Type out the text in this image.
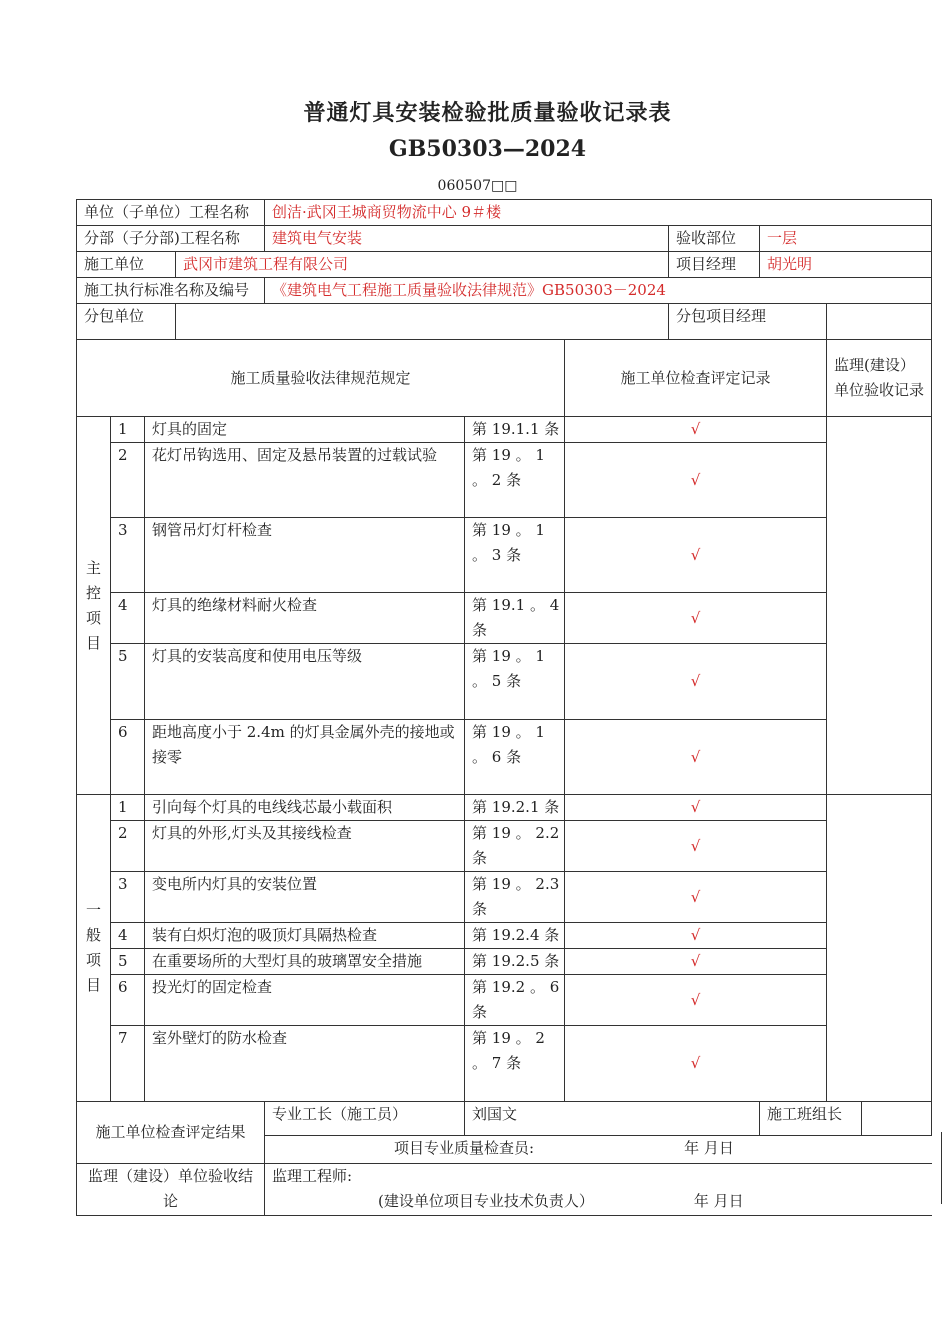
普通灯具安装检验批质量验收记录表
GB50303—2024
060507□□
单位（子单位）工程名称				创洁·武冈王城商贸物流中心 9＃楼						
分部（子分部)工程名称				建筑电气安装			验收部位	一层		
施工单位			武冈市建筑工程有限公司				项目经理	胡光明		
施工执行标准名称及编号				《建筑电气工程施工质量验收法律规范》GB50303－2024						
分包单位							分包项目经理			
施工质量验收法律规范规定						施工单位检查评定记录			监理(建设）单位验收记录	
主控项目	1	灯具的固定			第 19.1.1 条	√				
	2	花灯吊钩选用、固定及悬吊装置的过载试验			第 19 。 1 。 2 条	√				
	3	钢管吊灯灯杆检查			第 19 。 1 。 3 条	√				
	4	灯具的绝缘材料耐火检查			第 19.1 。 4 条	√				
	5	灯具的安装高度和使用电压等级			第 19 。 1 。 5 条	√				
	6	距地高度小于 2.4m 的灯具金属外壳的接地或接零			第 19 。 1 。 6 条	√				
一般项目	1	引向每个灯具的电线线芯最小载面积			第 19.2.1 条	√				
	2	灯具的外形,灯头及其接线检查			第 19 。 2.2 条	√				
	3	变电所内灯具的安装位置			第 19 。 2.3 条	√				
	4	装有白炽灯泡的吸顶灯具隔热检查			第 19.2.4 条	√				
	5	在重要场所的大型灯具的玻璃罩安全措施			第 19.2.5 条	√				
	6	投光灯的固定检查			第 19.2 。 6 条	√				
	7	室外壁灯的防水检查			第 19 。 2 。 7 条	√				
施工单位检查评定结果				专业工长（施工员）	刘国文			施工班组长		
				项目专业质量检查员: 年 月日						
监理（建设）单位验收结论				监理工程师:
(建设单位项目专业技术负责人） 年 月日						
